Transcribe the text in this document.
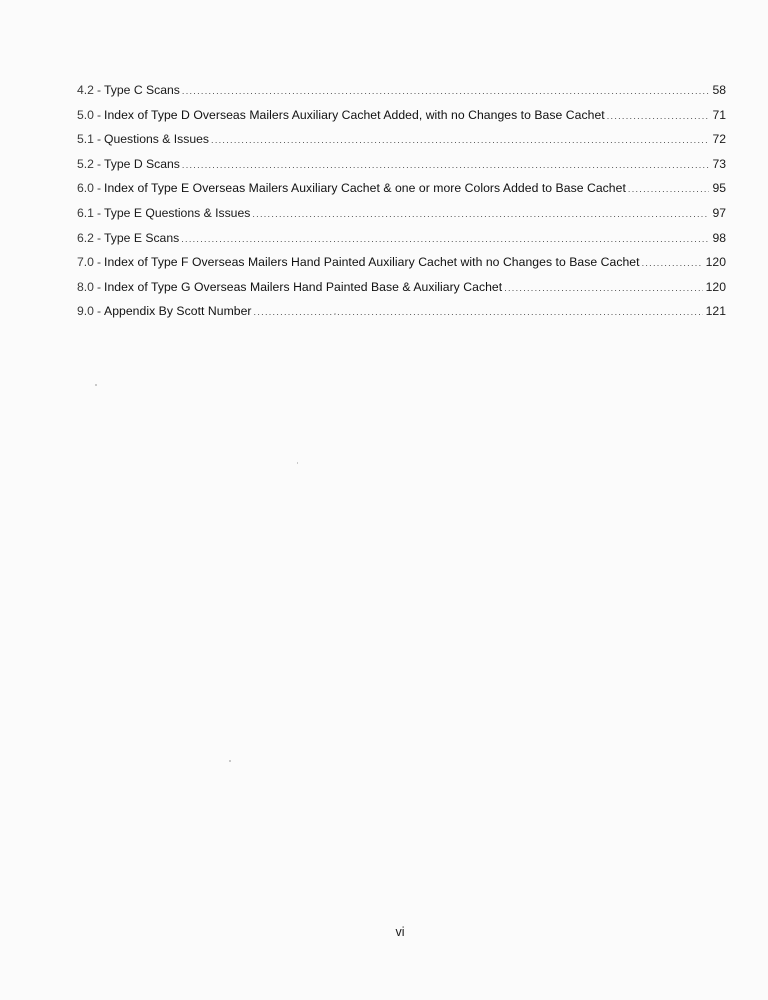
4.2 - Type C Scans .....	58
5.0 - Index of Type D Overseas Mailers Auxiliary Cachet Added, with no Changes to Base Cachet .....	71
5.1 - Questions & Issues .....	72
5.2 - Type D Scans .....	73
6.0 - Index of Type E Overseas Mailers Auxiliary Cachet & one or more Colors Added to Base Cachet .....	95
6.1 - Type E Questions & Issues .....	97
6.2 - Type E Scans .....	98
7.0 - Index of Type F Overseas Mailers Hand Painted Auxiliary Cachet with no Changes to Base Cachet .....	120
8.0 - Index of Type G Overseas Mailers Hand Painted Base & Auxiliary Cachet .....	120
9.0 - Appendix By Scott Number .....	121
vi
